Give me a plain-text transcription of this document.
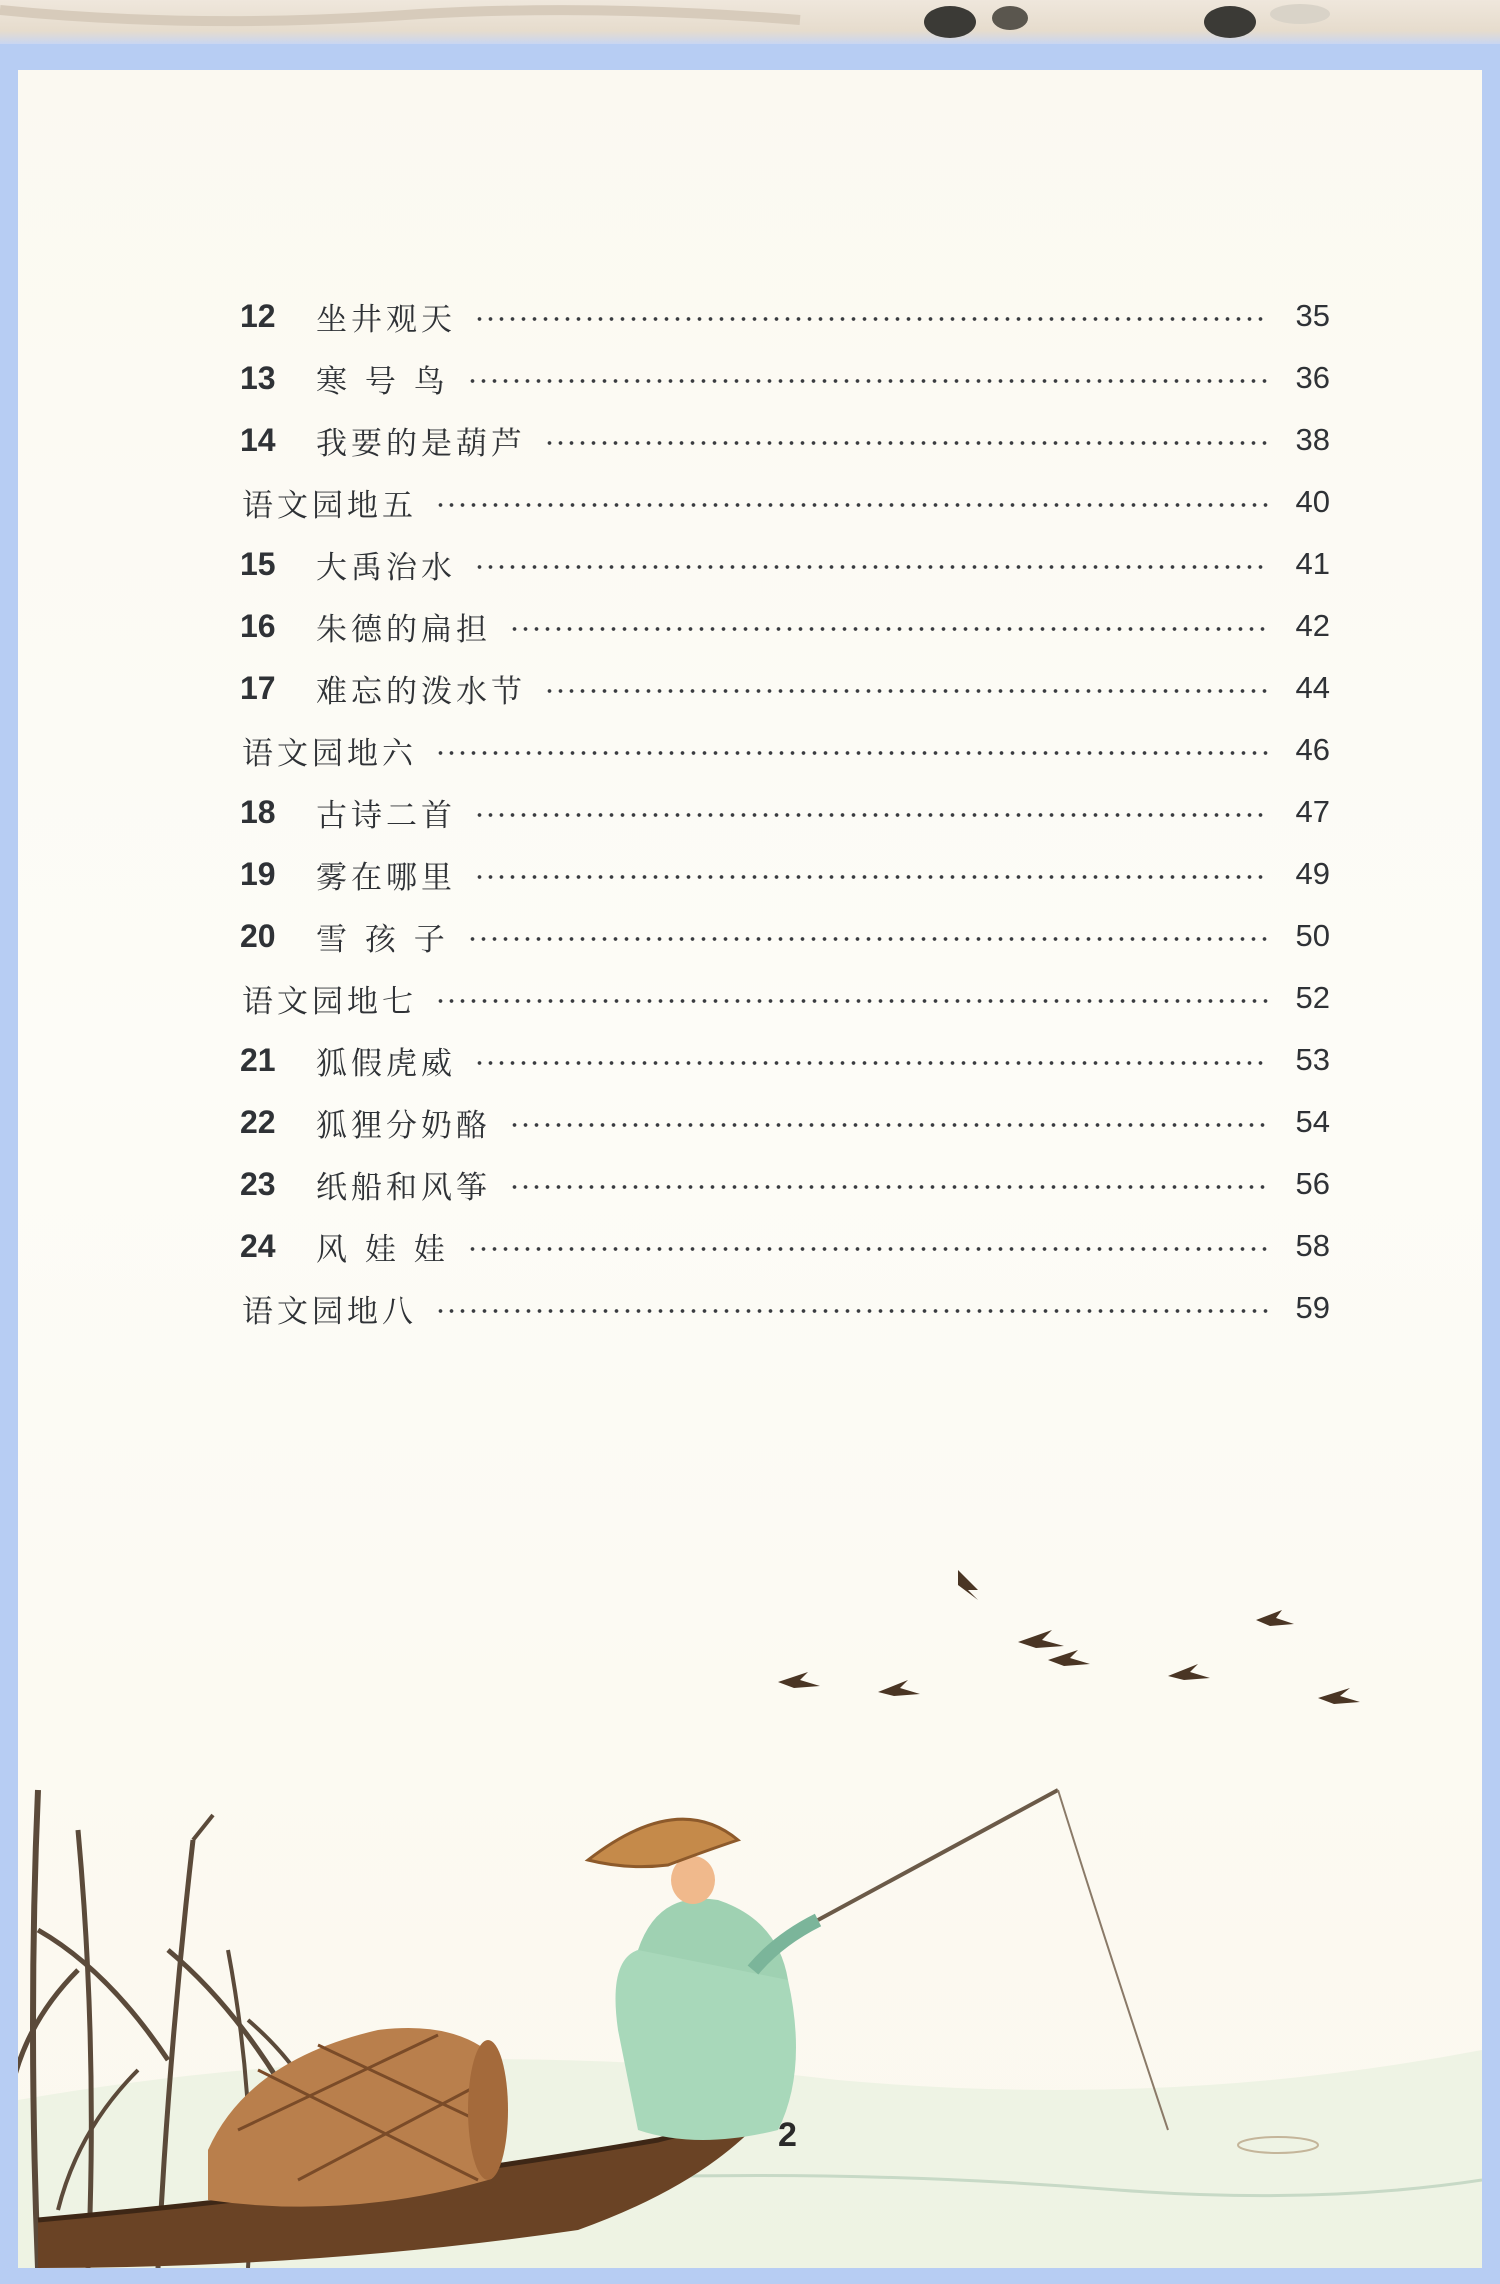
12	坐井观天	35
13	寒 号 鸟	36
14	我要的是葫芦	38
语文园地五	40
15	大禹治水	41
16	朱德的扁担	42
17	难忘的泼水节	44
语文园地六	46
18	古诗二首	47
19	雾在哪里	49
20	雪 孩 子	50
语文园地七	52
21	狐假虎威	53
22	狐狸分奶酪	54
23	纸船和风筝	56
24	风 娃 娃	58
语文园地八	59
2
